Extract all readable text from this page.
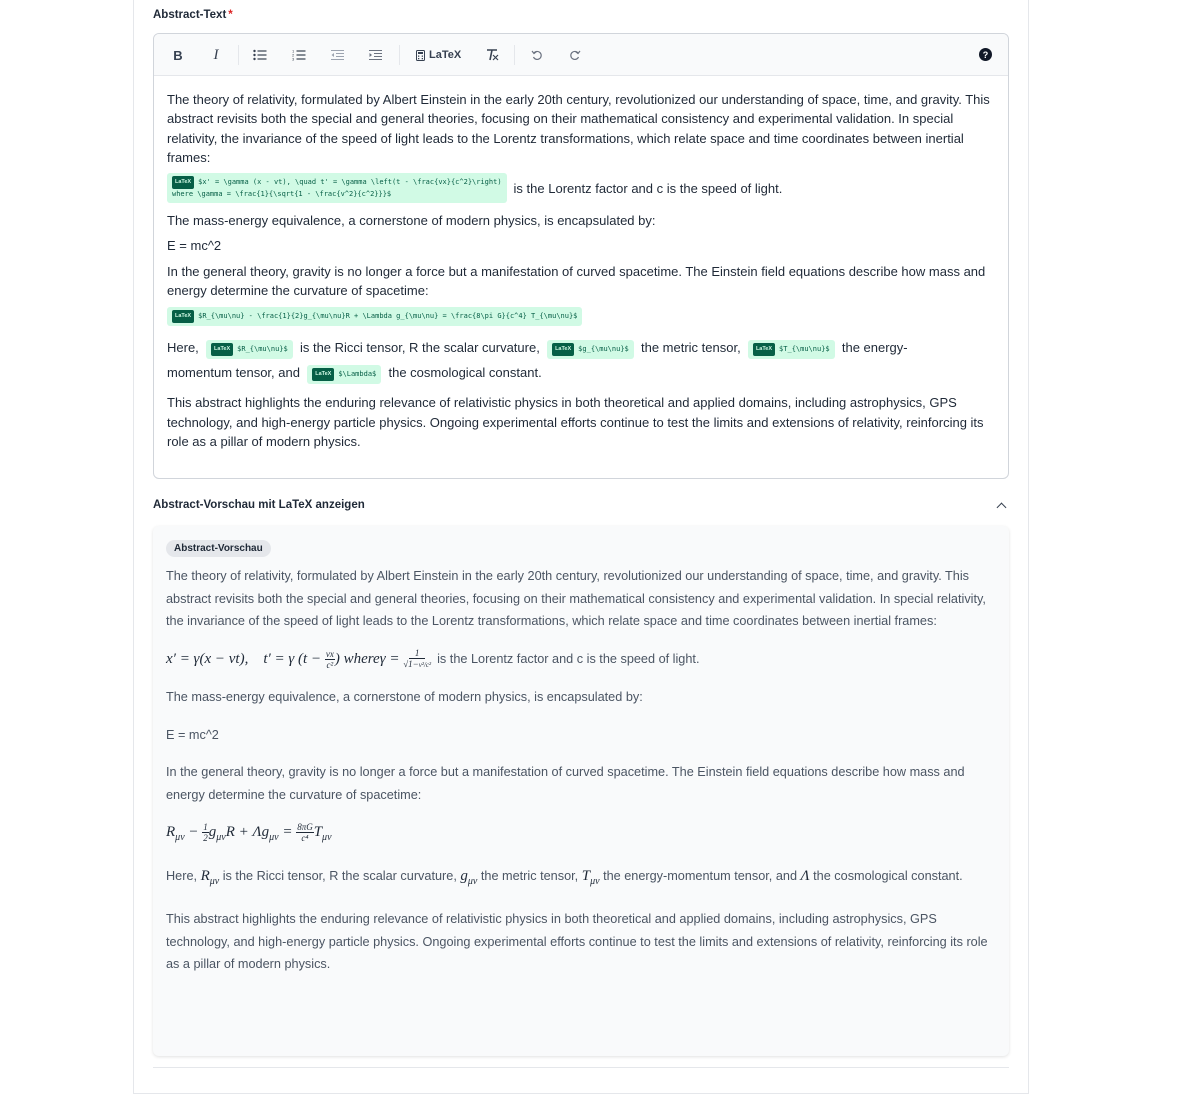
Abstract-Text *
B	I	1
2
3	LaTeX	?

The theory of relativity, formulated by Albert Einstein in the early 20th century, revolutionized our understanding of space, time, and gravity. This abstract revisits both the special and general theories, focusing on their mathematical consistency and experimental validation. In special relativity, the invariance of the speed of light leads to the Lorentz transformations, which relate space and time coordinates between inertial frames:

LaTeX $x' = \gamma (x - vt), \quad t' = \gamma \left(t - \frac{vx}{c^2}\right)
where \gamma = \frac{1}{\sqrt{1 - \frac{v^2}{c^2}}}$	is the Lorentz factor and c is the speed of light.

The mass-energy equivalence, a cornerstone of modern physics, is encapsulated by:

E = mc^2

In the general theory, gravity is no longer a force but a manifestation of curved spacetime. The Einstein field equations describe how mass and energy determine the curvature of spacetime:

LaTeX $R_{\mu\nu} - \frac{1}{2}g_{\mu\nu}R + \Lambda g_{\mu\nu} = \frac{8\pi G}{c^4} T_{\mu\nu}$

Here,	LaTeX $R_{\mu\nu}$ is the Ricci tensor, R the scalar curvature,	LaTeX $g_{\mu\nu}$ the metric tensor,	LaTeX $T_{\mu\nu}$ the energy-
momentum tensor, and	LaTeX $\Lambda$ the cosmological constant.

This abstract highlights the enduring relevance of relativistic physics in both theoretical and applied domains, including astrophysics, GPS technology, and high-energy particle physics. Ongoing experimental efforts continue to test the limits and extensions of relativity, reinforcing its role as a pillar of modern physics.

Abstract-Vorschau mit LaTeX anzeigen
Abstract-Vorschau

The theory of relativity, formulated by Albert Einstein in the early 20th century, revolutionized our understanding of space, time, and gravity. This abstract revisits both the special and general theories, focusing on their mathematical consistency and experimental validation. In special relativity, the invariance of the speed of light leads to the Lorentz transformations, which relate space and time coordinates between inertial frames:

x′ = γ(x − vt),    t′ = γ ($t - \frac{vx}{\text{c²}}$ ) whereγ = $\frac{1}{\text{√1−v²/c²}}$ is the Lorentz factor and c is the speed of light.

The mass-energy equivalence, a cornerstone of modern physics, is encapsulated by:

E = mc^2

In the general theory, gravity is no longer a force but a manifestation of curved spacetime. The Einstein field equations describe how mass and energy determine the curvature of spacetime:

$R_{\mu\nu} - \frac{1}{2} g_{\mu\nu}R + \Lambda g_{\mu\nu} = \frac{8\pi G}{\text{c⁴}} T_{\mu\nu}$

Here, $R_{\mu\nu}$ is the Ricci tensor, R the scalar curvature, $g_{\mu\nu}$ the metric tensor, $T_{\mu\nu}$ the energy-momentum tensor, and Λ the cosmological constant.

This abstract highlights the enduring relevance of relativistic physics in both theoretical and applied domains, including astrophysics, GPS technology, and high-energy particle physics. Ongoing experimental efforts continue to test the limits and extensions of relativity, reinforcing its role as a pillar of modern physics.
